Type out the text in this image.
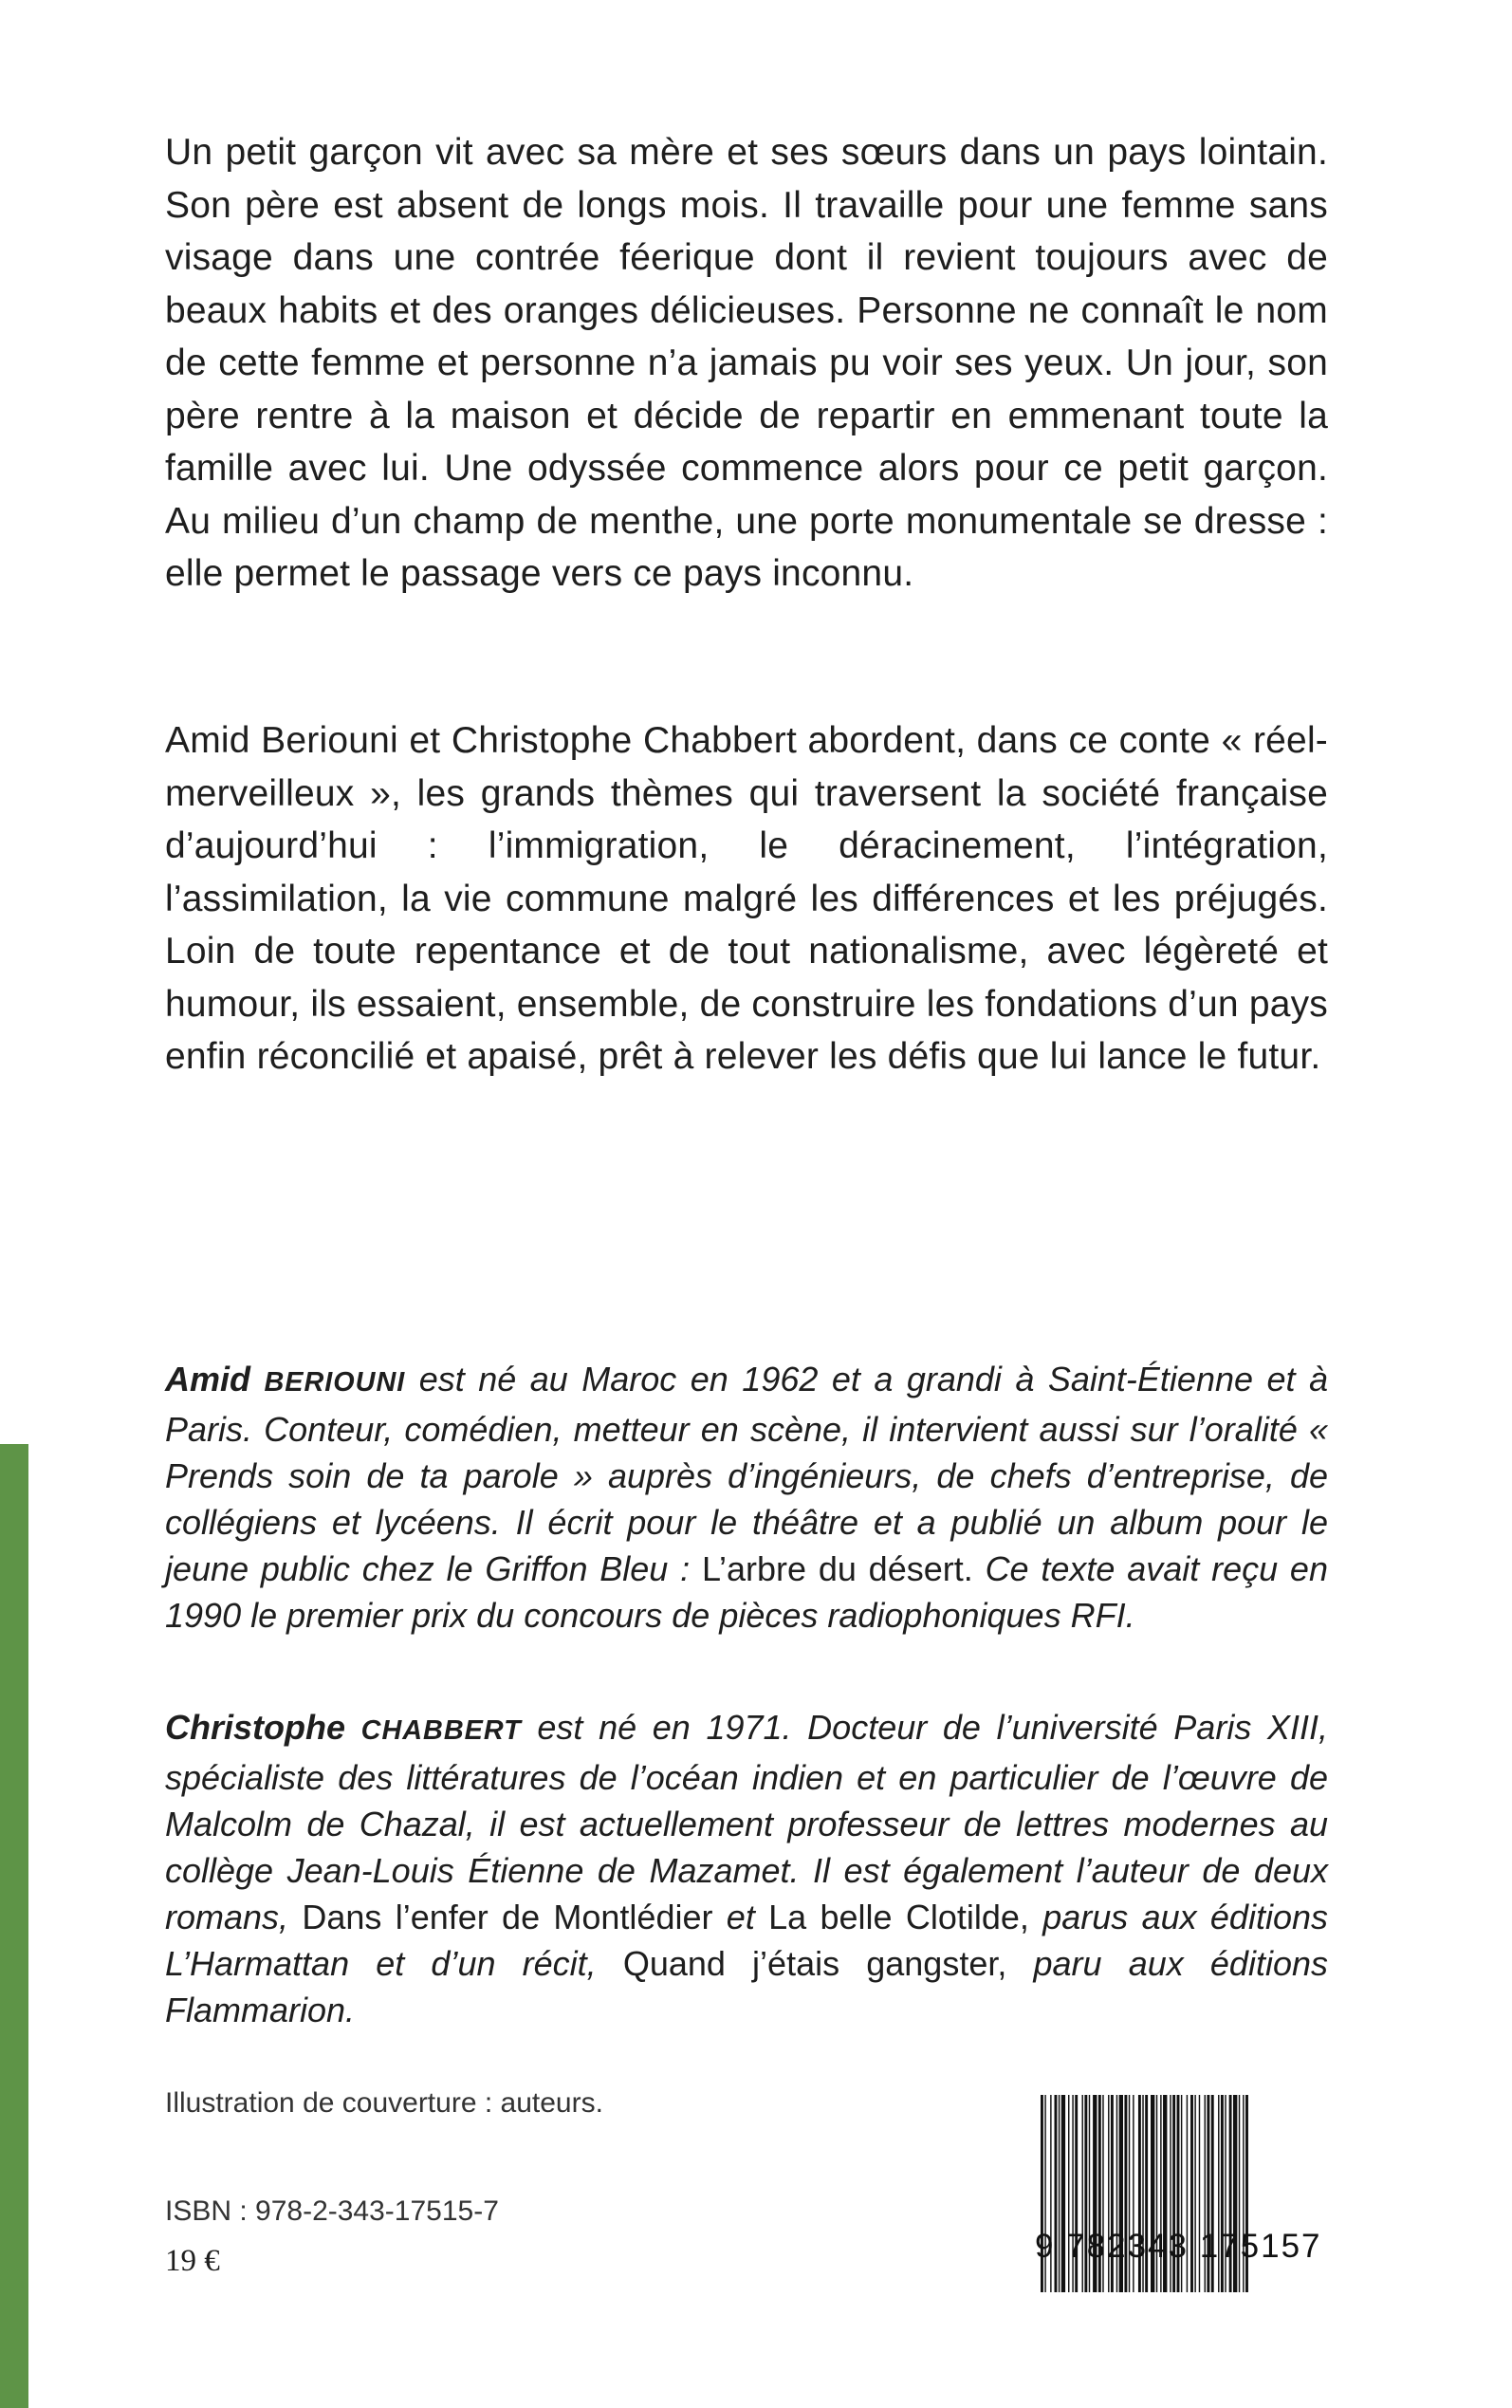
Un petit garçon vit avec sa mère et ses sœurs dans un pays lointain. Son père est absent de longs mois. Il travaille pour une femme sans visage dans une contrée féerique dont il revient toujours avec de beaux habits et des oranges délicieuses. Personne ne connaît le nom de cette femme et personne n’a jamais pu voir ses yeux. Un jour, son père rentre à la maison et décide de repartir en emmenant toute la famille avec lui. Une odyssée commence alors pour ce petit garçon. Au milieu d’un champ de menthe, une porte monumentale se dresse : elle permet le passage vers ce pays inconnu.

Amid Beriouni et Christophe Chabbert abordent, dans ce conte « réel-merveilleux », les grands thèmes qui traversent la société française d’aujourd’hui : l’immigration, le déracinement, l’intégration, l’assimilation, la vie commune malgré les différences et les préjugés. Loin de toute repentance et de tout nationalisme, avec légèreté et humour, ils essaient, ensemble, de construire les fondations d’un pays enfin réconcilié et apaisé, prêt à relever les défis que lui lance le futur.

Amid BERIOUNI est né au Maroc en 1962 et a grandi à Saint-Étienne et à Paris. Conteur, comédien, metteur en scène, il intervient aussi sur l’oralité « Prends soin de ta parole » auprès d’ingénieurs, de chefs d’entreprise, de collégiens et lycéens. Il écrit pour le théâtre et a publié un album pour le jeune public chez le Griffon Bleu : L’arbre du désert. Ce texte avait reçu en 1990 le premier prix du concours de pièces radiophoniques RFI.

Christophe CHABBERT est né en 1971. Docteur de l’université Paris XIII, spécialiste des littératures de l’océan indien et en particulier de l’œuvre de Malcolm de Chazal, il est actuellement professeur de lettres modernes au collège Jean-Louis Étienne de Mazamet. Il est également l’auteur de deux romans, Dans l’enfer de Montlédier et La belle Clotilde, parus aux éditions L’Harmattan et d’un récit, Quand j’étais gangster, paru aux éditions Flammarion.

Illustration de couverture : auteurs.

ISBN : 978-2-343-17515-7

19 €	9 782343 175157
